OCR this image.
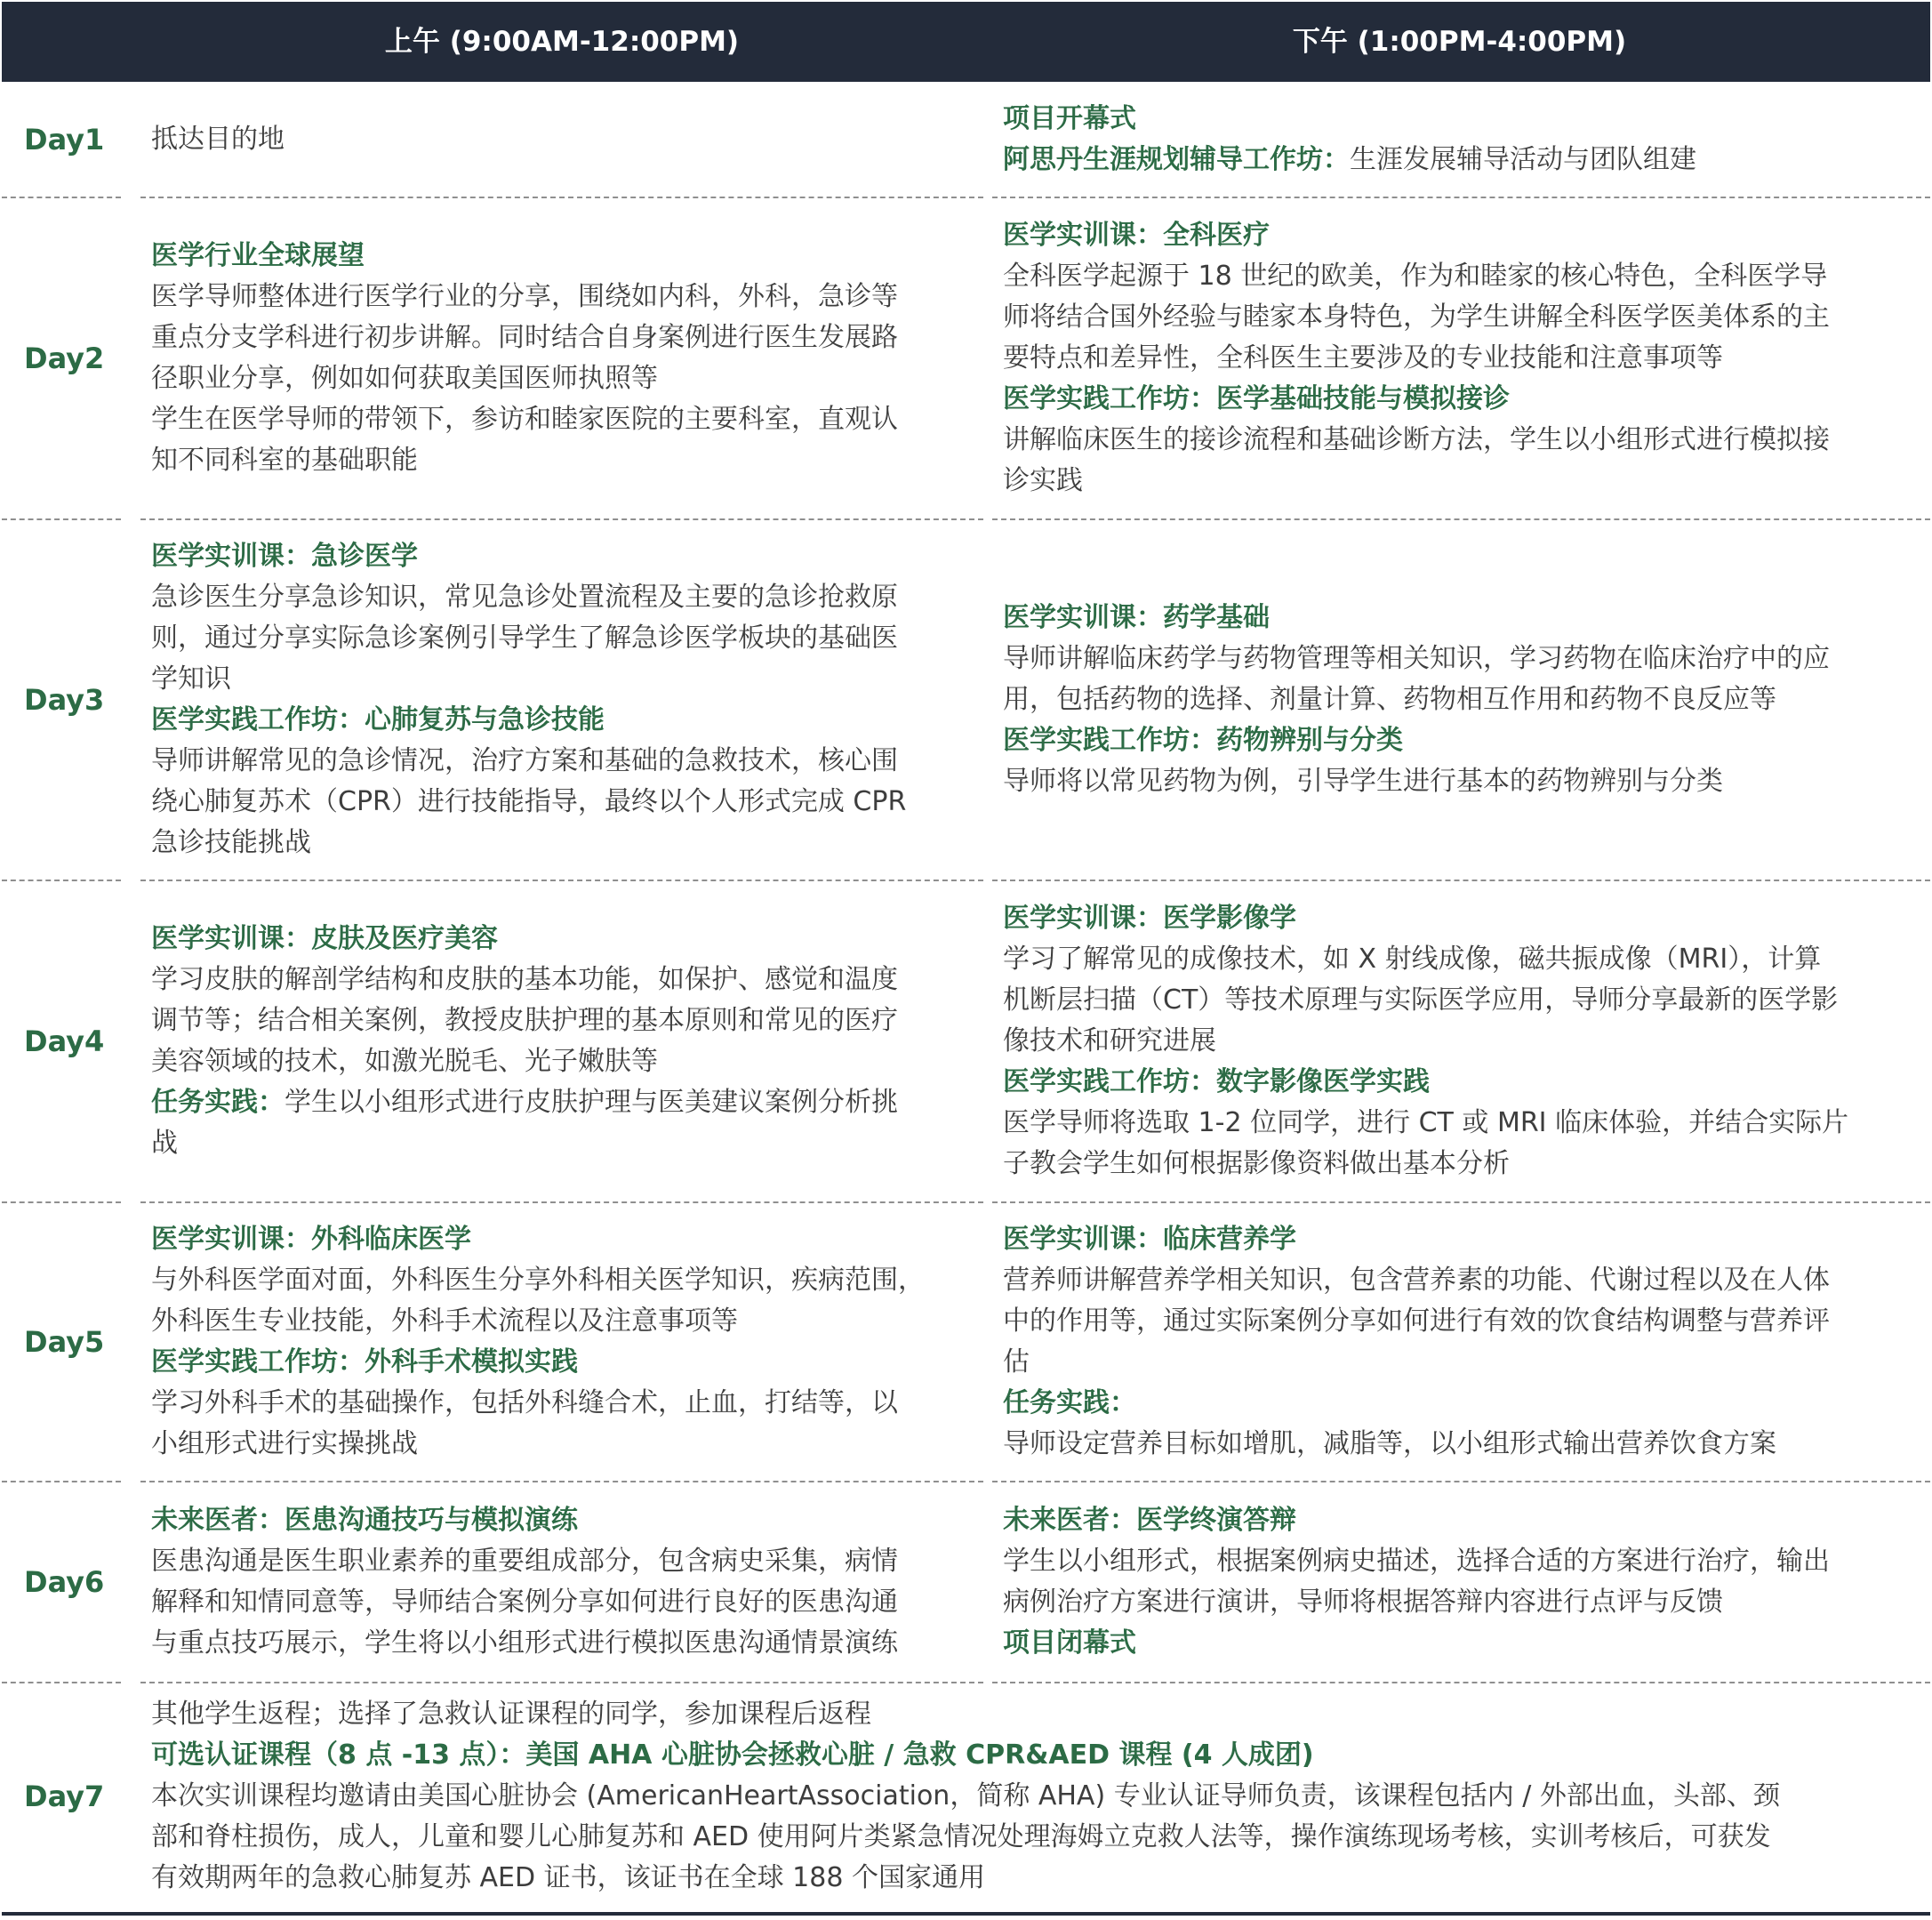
上午 (9:00AM-12:00PM)	下午 (1:00PM-4:00PM)
Day1 抵达目的地
项目开幕式
阿思丹生涯规划辅导工作坊：生涯发展辅导活动与团队组建
Day2
医学行业全球展望
医学导师整体进行医学行业的分享，围绕如内科，外科，急诊等
重点分支学科进行初步讲解。同时结合自身案例进行医生发展路
径职业分享，例如如何获取美国医师执照等
学生在医学导师的带领下，参访和睦家医院的主要科室，直观认
知不同科室的基础职能
医学实训课：全科医疗
全科医学起源于 18 世纪的欧美，作为和睦家的核心特色，全科医学导
师将结合国外经验与睦家本身特色，为学生讲解全科医学医美体系的主
要特点和差异性，全科医生主要涉及的专业技能和注意事项等
医学实践工作坊：医学基础技能与模拟接诊
讲解临床医生的接诊流程和基础诊断方法，学生以小组形式进行模拟接
诊实践
Day3
医学实训课：急诊医学
急诊医生分享急诊知识，常见急诊处置流程及主要的急诊抢救原
则，通过分享实际急诊案例引导学生了解急诊医学板块的基础医
学知识
医学实践工作坊：心肺复苏与急诊技能
导师讲解常见的急诊情况，治疗方案和基础的急救技术，核心围
绕心肺复苏术（CPR）进行技能指导，最终以个人形式完成 CPR
急诊技能挑战
医学实训课：药学基础
导师讲解临床药学与药物管理等相关知识，学习药物在临床治疗中的应
用，包括药物的选择、剂量计算、药物相互作用和药物不良反应等
医学实践工作坊：药物辨别与分类
导师将以常见药物为例，引导学生进行基本的药物辨别与分类
Day4
医学实训课：皮肤及医疗美容
学习皮肤的解剖学结构和皮肤的基本功能，如保护、感觉和温度
调节等；结合相关案例，教授皮肤护理的基本原则和常见的医疗
美容领域的技术，如激光脱毛、光子嫩肤等
任务实践：学生以小组形式进行皮肤护理与医美建议案例分析挑
战
医学实训课：医学影像学
学习了解常见的成像技术，如 X 射线成像，磁共振成像（MRI），计算
机断层扫描（CT）等技术原理与实际医学应用，导师分享最新的医学影
像技术和研究进展
医学实践工作坊：数字影像医学实践
医学导师将选取 1-2 位同学，进行 CT 或 MRI 临床体验，并结合实际片
子教会学生如何根据影像资料做出基本分析
Day5
医学实训课：外科临床医学
与外科医学面对面，外科医生分享外科相关医学知识，疾病范围，
外科医生专业技能，外科手术流程以及注意事项等
医学实践工作坊：外科手术模拟实践
学习外科手术的基础操作，包括外科缝合术，止血，打结等，以
小组形式进行实操挑战
医学实训课：临床营养学
营养师讲解营养学相关知识，包含营养素的功能、代谢过程以及在人体
中的作用等，通过实际案例分享如何进行有效的饮食结构调整与营养评
估
任务实践：
导师设定营养目标如增肌，减脂等，以小组形式输出营养饮食方案
Day6
未来医者：医患沟通技巧与模拟演练
医患沟通是医生职业素养的重要组成部分，包含病史采集，病情
解释和知情同意等，导师结合案例分享如何进行良好的医患沟通
与重点技巧展示，学生将以小组形式进行模拟医患沟通情景演练
未来医者：医学终演答辩
学生以小组形式，根据案例病史描述，选择合适的方案进行治疗，输出
病例治疗方案进行演讲，导师将根据答辩内容进行点评与反馈
项目闭幕式
Day7
其他学生返程；选择了急救认证课程的同学，参加课程后返程
可选认证课程（8 点 -13 点）：美国 AHA 心脏协会拯救心脏 / 急救 CPR&AED 课程 (4 人成团)
本次实训课程均邀请由美国心脏协会 (AmericanHeartAssociation，简称 AHA) 专业认证导师负责，该课程包括内 / 外部出血，头部、颈
部和脊柱损伤，成人，儿童和婴儿心肺复苏和 AED 使用阿片类紧急情况处理海姆立克救人法等，操作演练现场考核，实训考核后，可获发
有效期两年的急救心肺复苏 AED 证书，该证书在全球 188 个国家通用
